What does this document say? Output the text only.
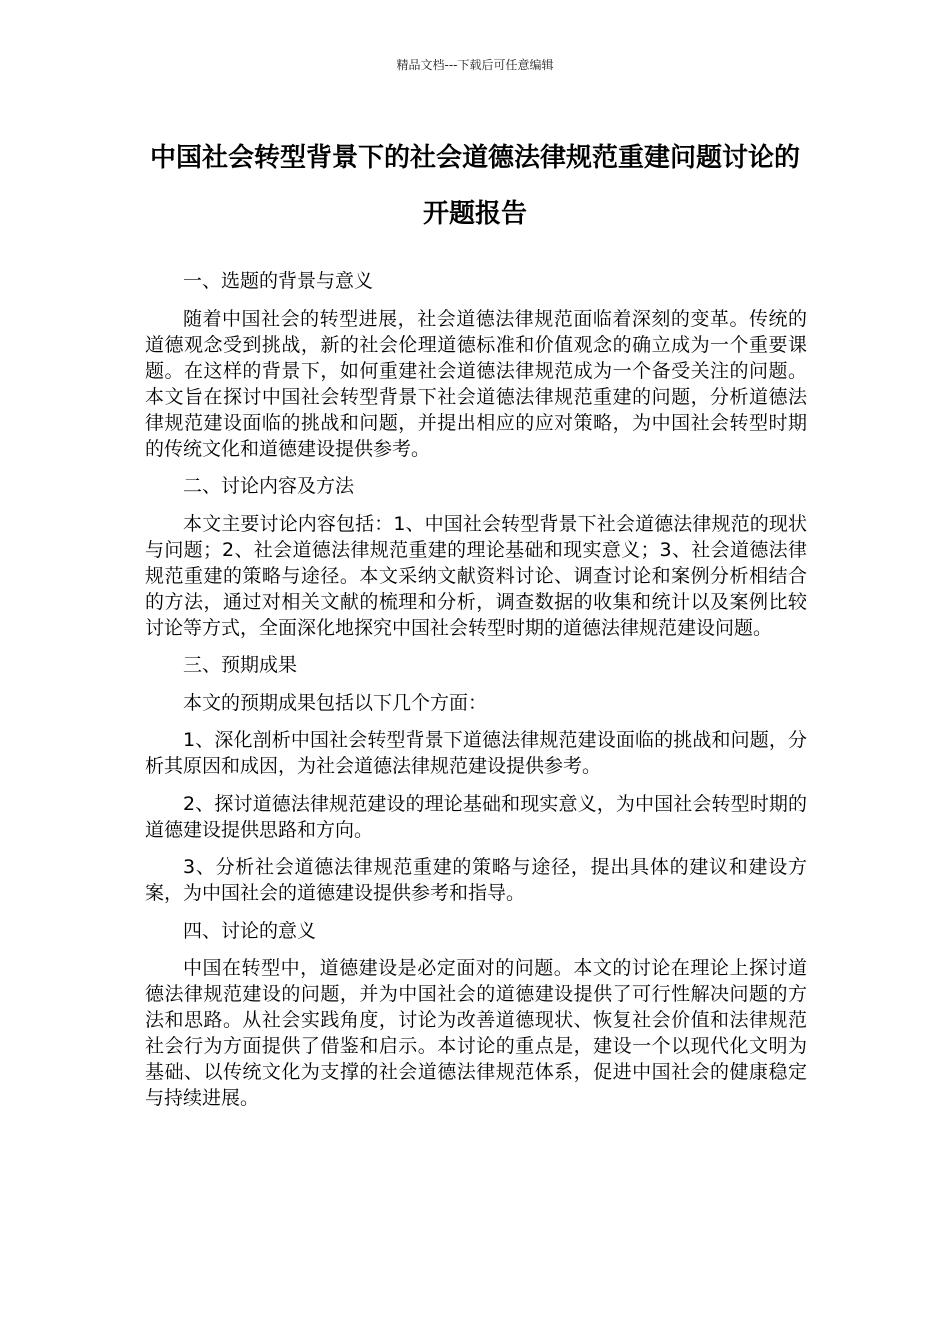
精品文档---下载后可任意编辑
中国社会转型背景下的社会道德法律规范重建问题讨论的开题报告

一、选题的背景与意义

随着中国社会的转型进展，社会道德法律规范面临着深刻的变革。传统的道德观念受到挑战，新的社会伦理道德标准和价值观念的确立成为一个重要课题。在这样的背景下，如何重建社会道德法律规范成为一个备受关注的问题。本文旨在探讨中国社会转型背景下社会道德法律规范重建的问题，分析道德法律规范建设面临的挑战和问题，并提出相应的应对策略，为中国社会转型时期的传统文化和道德建设提供参考。

二、讨论内容及方法

本文主要讨论内容包括：1、中国社会转型背景下社会道德法律规范的现状与问题；2、社会道德法律规范重建的理论基础和现实意义；3、社会道德法律规范重建的策略与途径。本文采纳文献资料讨论、调查讨论和案例分析相结合的方法，通过对相关文献的梳理和分析，调查数据的收集和统计以及案例比较讨论等方式，全面深化地探究中国社会转型时期的道德法律规范建设问题。

三、预期成果

本文的预期成果包括以下几个方面：

1、深化剖析中国社会转型背景下道德法律规范建设面临的挑战和问题，分析其原因和成因，为社会道德法律规范建设提供参考。

2、探讨道德法律规范建设的理论基础和现实意义，为中国社会转型时期的道德建设提供思路和方向。

3、分析社会道德法律规范重建的策略与途径，提出具体的建议和建设方案，为中国社会的道德建设提供参考和指导。

四、讨论的意义

中国在转型中，道德建设是必定面对的问题。本文的讨论在理论上探讨道德法律规范建设的问题，并为中国社会的道德建设提供了可行性解决问题的方法和思路。从社会实践角度，讨论为改善道德现状、恢复社会价值和法律规范社会行为方面提供了借鉴和启示。本讨论的重点是，建设一个以现代化文明为基础、以传统文化为支撑的社会道德法律规范体系，促进中国社会的健康稳定与持续进展。
